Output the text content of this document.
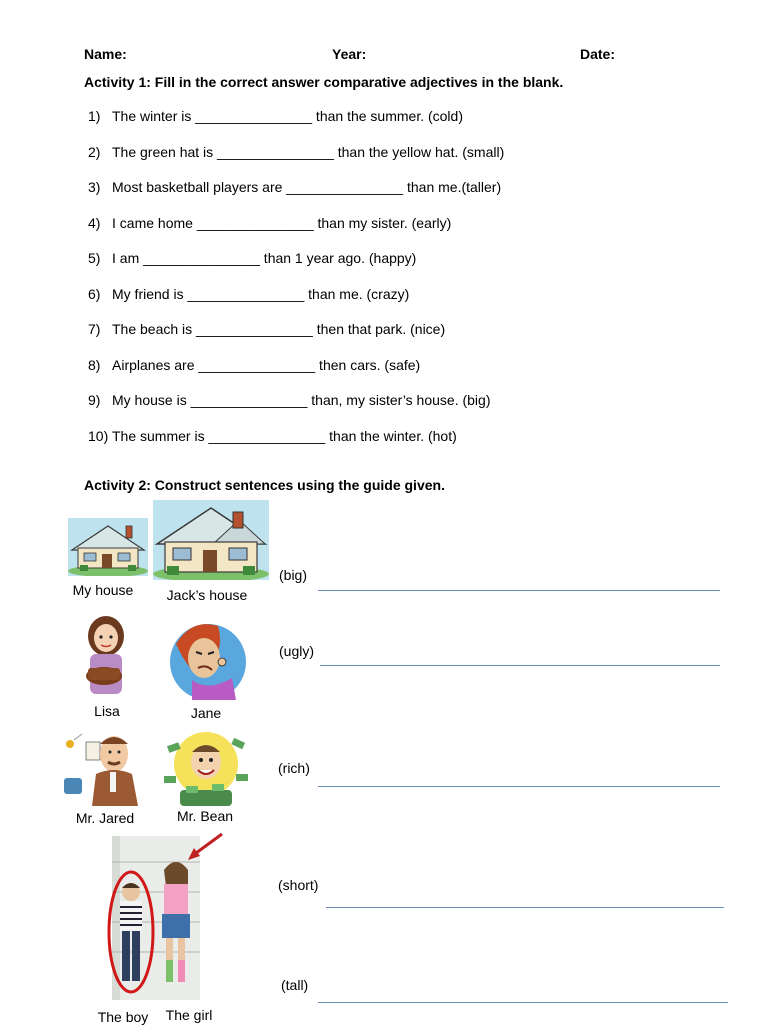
Name:	Year:	Date:
Activity 1: Fill in the correct answer comparative adjectives in the blank.
1) The winter is _______________ than the summer. (cold)
2) The green hat is _______________ than the yellow hat. (small)
3) Most basketball players are _______________ than me.(taller)
4) I came home _______________ than my sister. (early)
5) I am _______________ than 1 year ago. (happy)
6) My friend is _______________ than me. (crazy)
7) The beach is _______________ then that park. (nice)
8) Airplanes are _______________ then cars. (safe)
9) My house is _______________ than, my sister’s house. (big)
10) The summer is _______________ than the winter. (hot)
Activity 2: Construct sentences using the guide given.
My house	Jack’s house
(big)
Lisa	Jane
(ugly)
Mr. Jared	Mr. Bean
(rich)
(short)
(tall)
The boy	The girl
